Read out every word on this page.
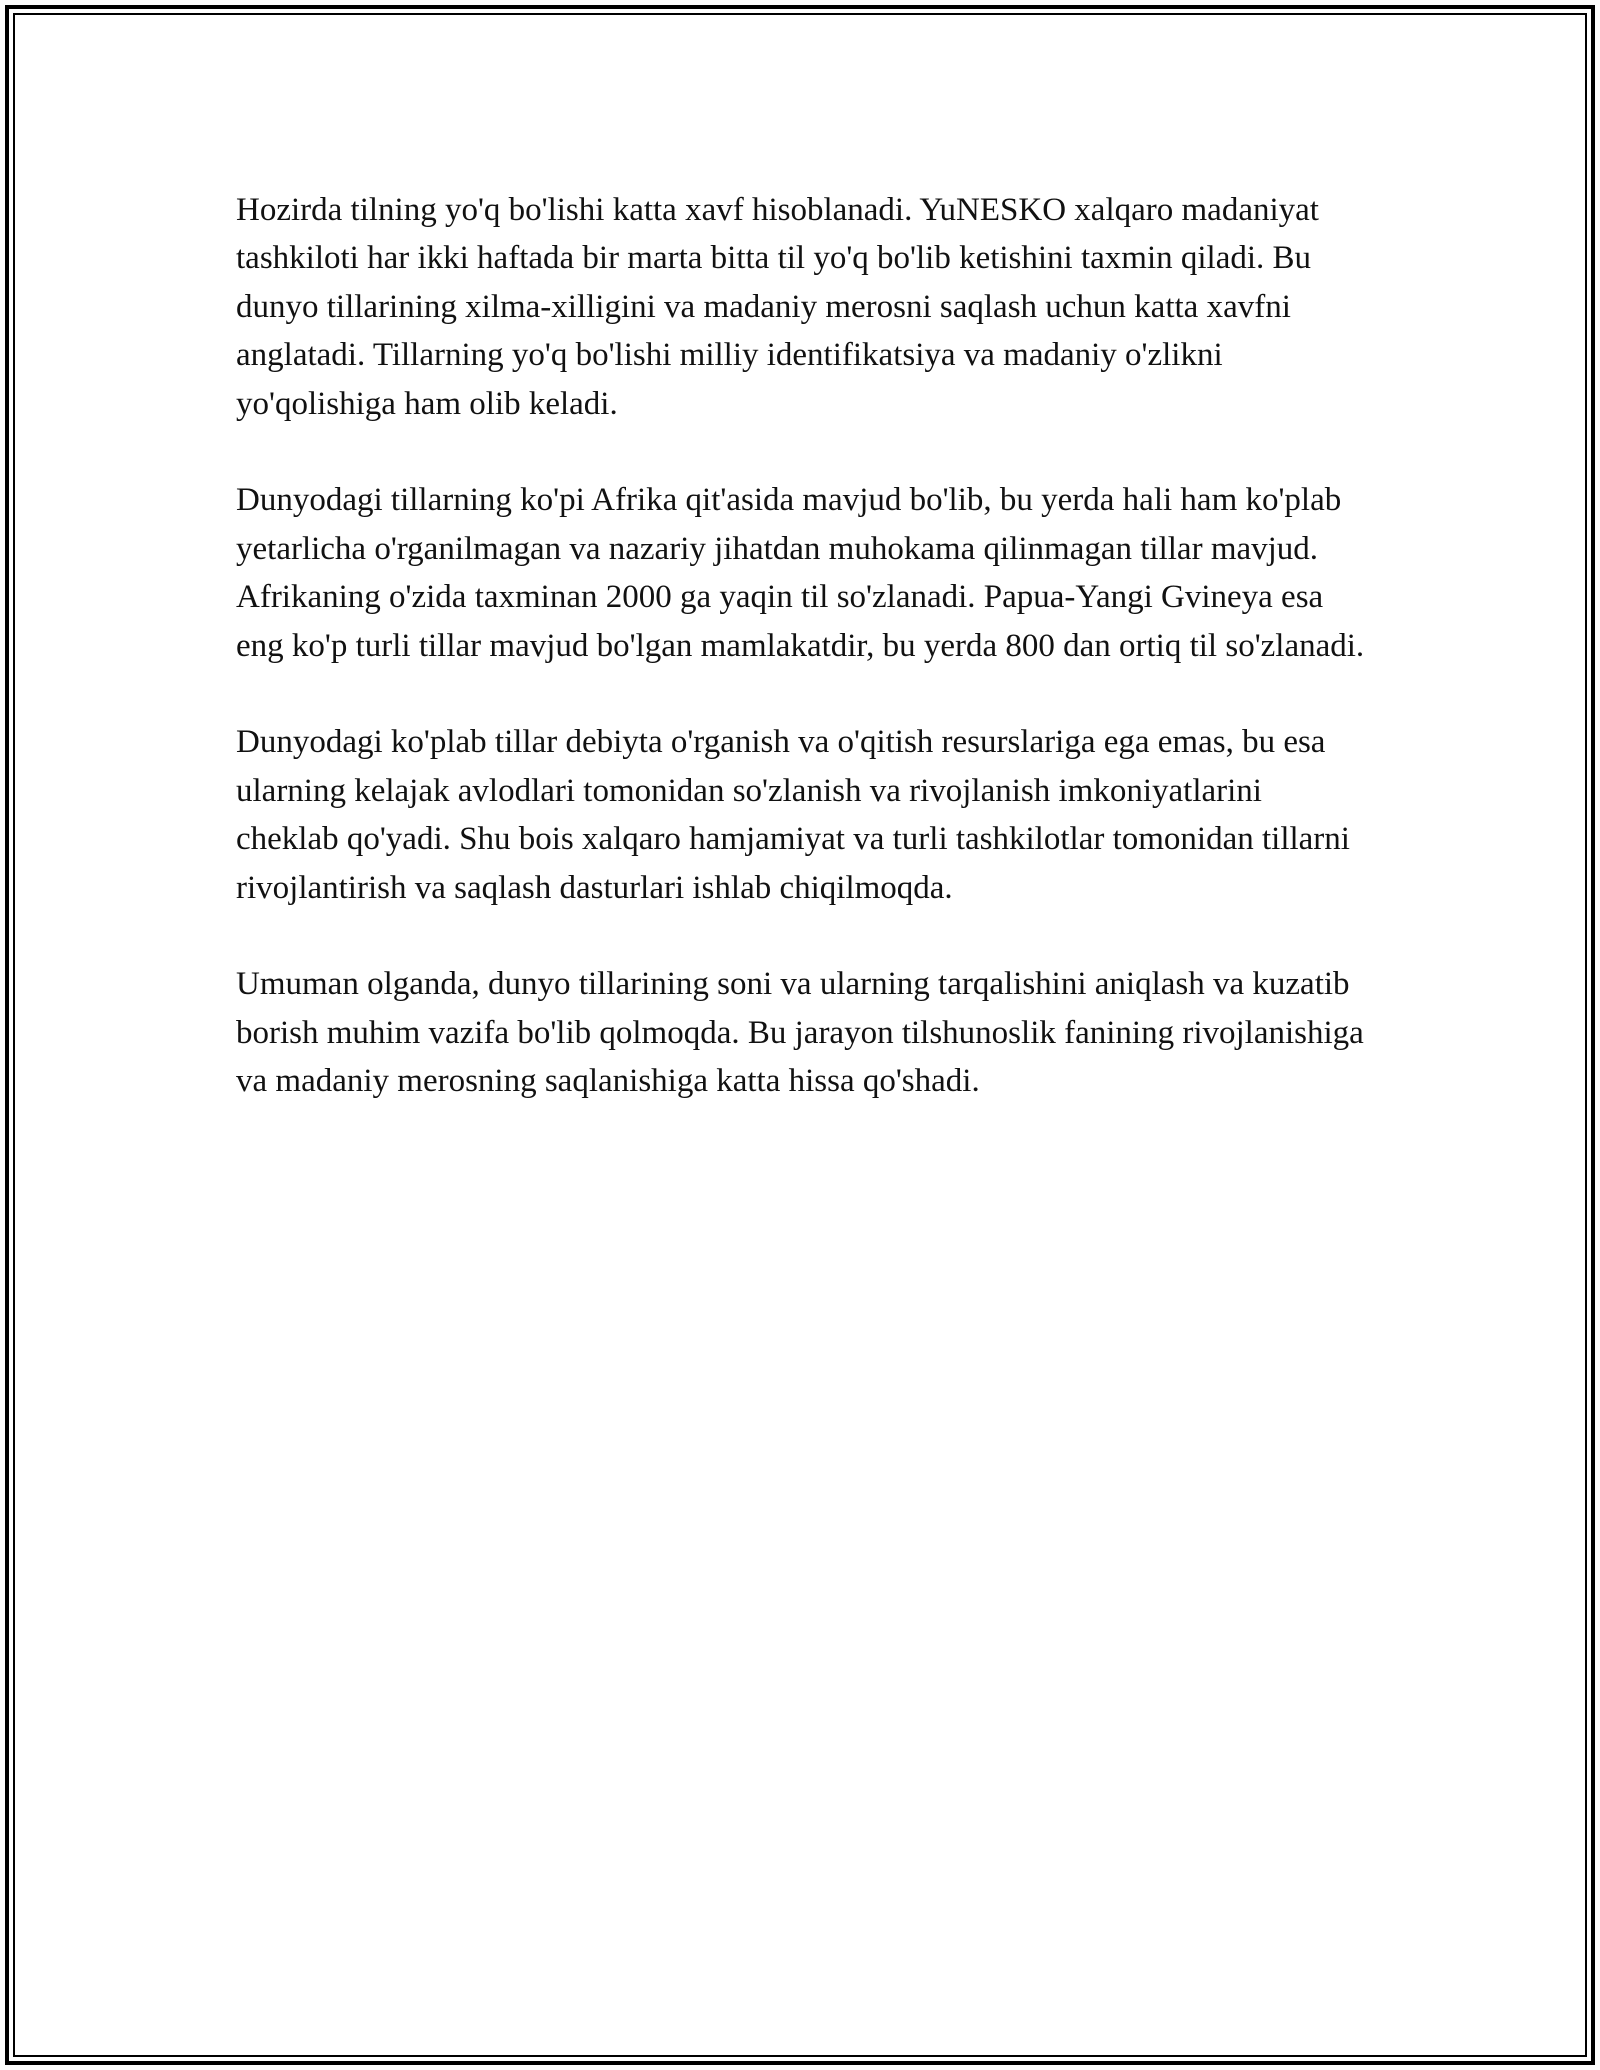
Hozirda tilning yo'q bo'lishi katta xavf hisoblanadi. YuNESKO xalqaro madaniyat tashkiloti har ikki haftada bir marta bitta til yo'q bo'lib ketishini taxmin qiladi. Bu dunyo tillarining xilma-xilligini va madaniy merosni saqlash uchun katta xavfni anglatadi. Tillarning yo'q bo'lishi milliy identifikatsiya va madaniy o'zlikni yo'qolishiga ham olib keladi.

Dunyodagi tillarning ko'pi Afrika qit'asida mavjud bo'lib, bu yerda hali ham ko'plab yetarlicha o'rganilmagan va nazariy jihatdan muhokama qilinmagan tillar mavjud. Afrikaning o'zida taxminan 2000 ga yaqin til so'zlanadi. Papua-Yangi Gvineya esa eng ko'p turli tillar mavjud bo'lgan mamlakatdir, bu yerda 800 dan ortiq til so'zlanadi.

Dunyodagi ko'plab tillar debiyta o'rganish va o'qitish resurslariga ega emas, bu esa ularning kelajak avlodlari tomonidan so'zlanish va rivojlanish imkoniyatlarini cheklab qo'yadi. Shu bois xalqaro hamjamiyat va turli tashkilotlar tomonidan tillarni rivojlantirish va saqlash dasturlari ishlab chiqilmoqda.

Umuman olganda, dunyo tillarining soni va ularning tarqalishini aniqlash va kuzatib borish muhim vazifa bo'lib qolmoqda. Bu jarayon tilshunoslik fanining rivojlanishiga va madaniy merosning saqlanishiga katta hissa qo'shadi.
